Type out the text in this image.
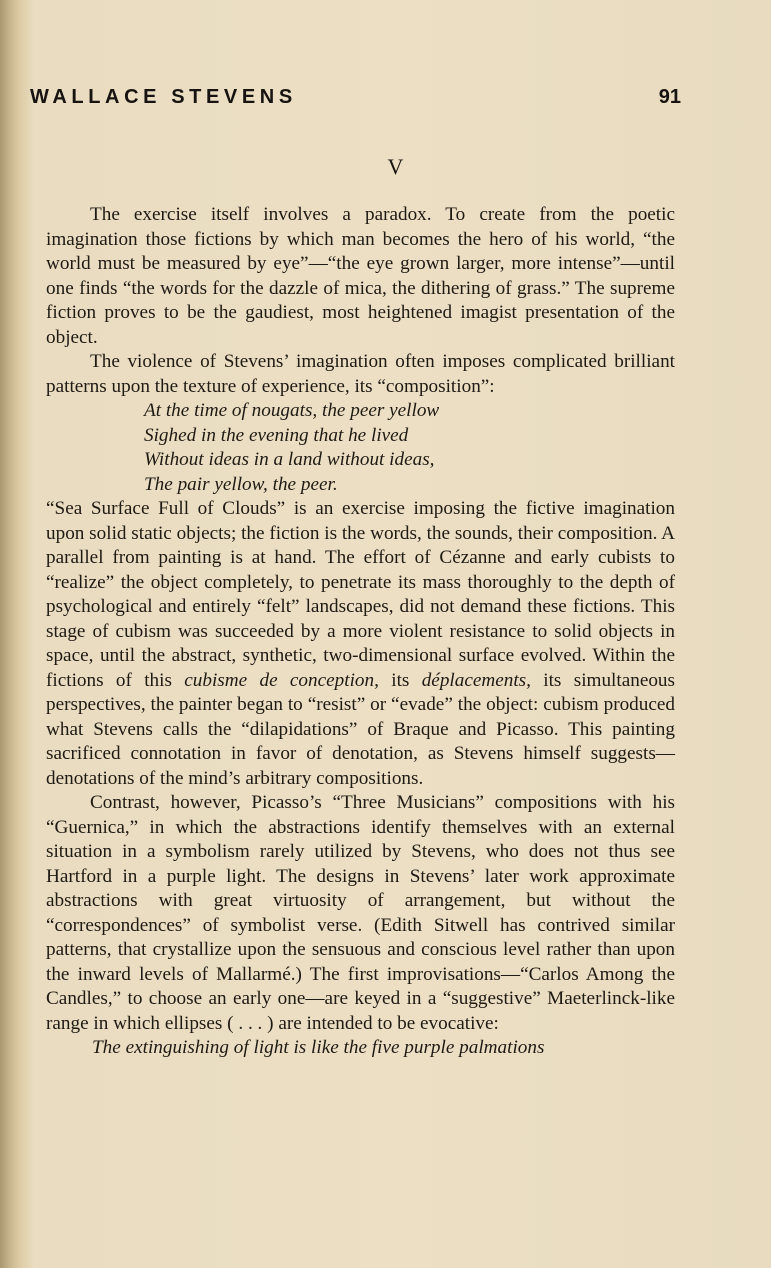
WALLACE STEVENS	91
V

The exercise itself involves a paradox. To create from the poetic imagination those fictions by which man becomes the hero of his world, “the world must be measured by eye”—“the eye grown larger, more intense”—until one finds “the words for the dazzle of mica, the dithering of grass.” The supreme fiction proves to be the gaudiest, most heightened imagist presentation of the object.

The violence of Stevens’ imagination often imposes complicated brilliant patterns upon the texture of experience, its “composition”:

At the time of nougats, the peer yellow
Sighed in the evening that he lived
Without ideas in a land without ideas,
The pair yellow, the peer.

“Sea Surface Full of Clouds” is an exercise imposing the fictive imagination upon solid static objects; the fiction is the words, the sounds, their composition. A parallel from painting is at hand. The effort of Cézanne and early cubists to “realize” the object completely, to penetrate its mass thoroughly to the depth of psychological and entirely “felt” landscapes, did not demand these fictions. This stage of cubism was succeeded by a more violent resistance to solid objects in space, until the abstract, synthetic, two-dimensional surface evolved. Within the fictions of this cubisme de conception, its déplacements, its simultaneous perspectives, the painter began to “resist” or “evade” the object: cubism produced what Stevens calls the “dilapidations” of Braque and Picasso. This painting sacrificed connotation in favor of denotation, as Stevens himself suggests—denotations of the mind’s arbitrary compositions.

Contrast, however, Picasso’s “Three Musicians” compositions with his “Guernica,” in which the abstractions identify themselves with an external situation in a symbolism rarely utilized by Stevens, who does not thus see Hartford in a purple light. The designs in Stevens’ later work approximate abstractions with great virtuosity of arrangement, but without the “correspondences” of symbolist verse. (Edith Sitwell has contrived similar patterns, that crystallize upon the sensuous and conscious level rather than upon the inward levels of Mallarmé.) The first improvisations—“Carlos Among the Candles,” to choose an early one—are keyed in a “suggestive” Maeterlinck-like range in which ellipses ( . . . ) are intended to be evocative:

The extinguishing of light is like the five purple palmations
